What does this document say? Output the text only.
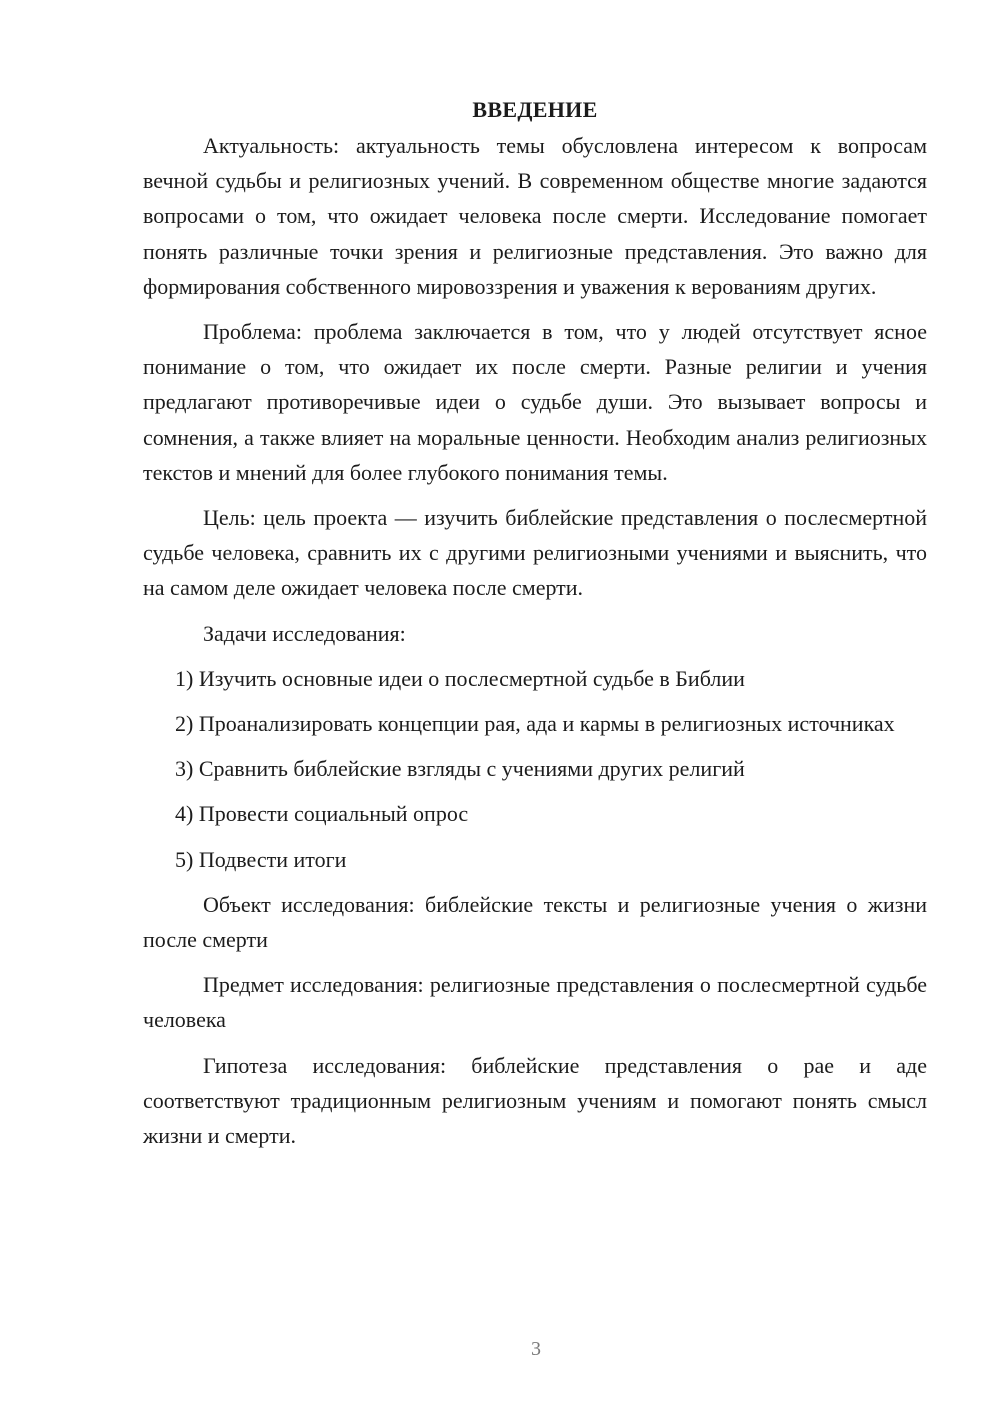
ВВЕДЕНИЕ

Актуальность: актуальность темы обусловлена интересом к вопросам вечной судьбы и религиозных учений. В современном обществе многие задаются вопросами о том, что ожидает человека после смерти. Исследование помогает понять различные точки зрения и религиозные представления. Это важно для формирования собственного мировоззрения и уважения к верованиям других.

Проблема: проблема заключается в том, что у людей отсутствует ясное понимание о том, что ожидает их после смерти. Разные религии и учения предлагают противоречивые идеи о судьбе души. Это вызывает вопросы и сомнения, а также влияет на моральные ценности. Необходим анализ религиозных текстов и мнений для более глубокого понимания темы.

Цель: цель проекта — изучить библейские представления о послесмертной судьбе человека, сравнить их с другими религиозными учениями и выяснить, что на самом деле ожидает человека после смерти.

Задачи исследования:

1) Изучить основные идеи о послесмертной судьбе в Библии

2) Проанализировать концепции рая, ада и кармы в религиозных источниках

3) Сравнить библейские взгляды с учениями других религий

4) Провести социальный опрос

5) Подвести итоги

Объект исследования: библейские тексты и религиозные учения о жизни после смерти

Предмет исследования: религиозные представления о послесмертной судьбе человека

Гипотеза исследования: библейские представления о рае и аде соответствуют традиционным религиозным учениям и помогают понять смысл жизни и смерти.

3
